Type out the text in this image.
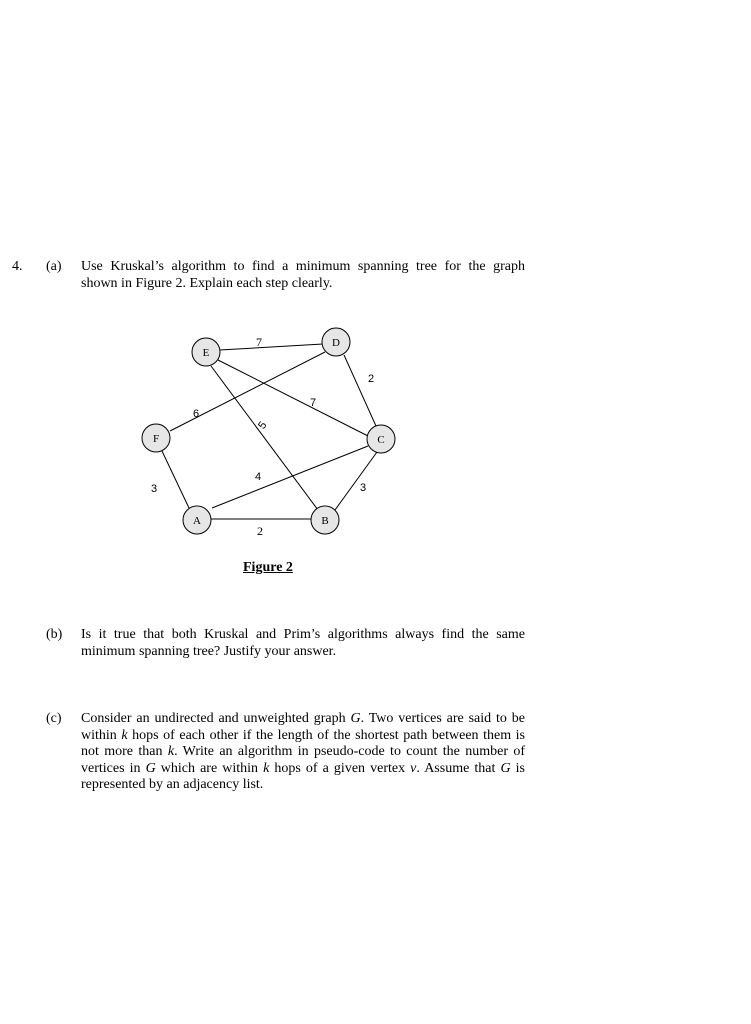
4. (a) Use Kruskal’s algorithm to find a minimum spanning tree for the graph
shown in Figure 2. Explain each step clearly.

7
2
6
7
5
3
4
3
2
E
D
F	C
A	B
Figure 2
(b) Is it true that both Kruskal and Prim’s algorithms always find the same
minimum spanning tree? Justify your answer.

(c) Consider an undirected and unweighted graph G. Two vertices are said to be
within k hops of each other if the length of the shortest path between them is
not more than k. Write an algorithm in pseudo-code to count the number of
vertices in G which are within k hops of a given vertex v. Assume that G is
represented by an adjacency list.
